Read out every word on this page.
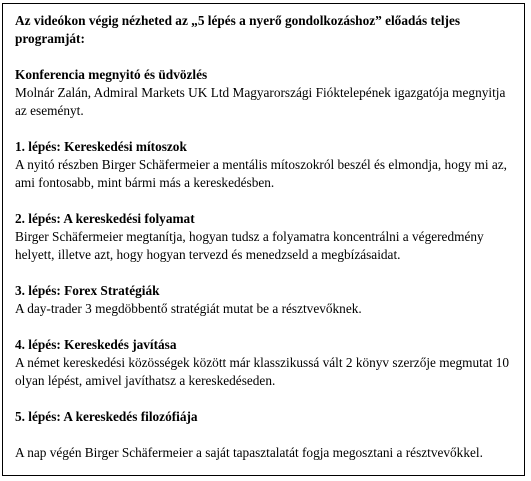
Az videókon végig nézheted az „5 lépés a nyerő gondolkozáshoz” előadás teljes programját:
Konferencia megnyitó és üdvözlés
Molnár Zalán, Admiral Markets UK Ltd Magyarországi Fióktelepének igazgatója megnyitja az eseményt.
1. lépés: Kereskedési mítoszok
A nyitó részben Birger Schäfermeier a mentális mítoszokról beszél és elmondja, hogy mi az, ami fontosabb, mint bármi más a kereskedésben.
2. lépés: A kereskedési folyamat
Birger Schäfermeier megtanítja, hogyan tudsz a folyamatra koncentrálni a végeredmény helyett, illetve azt, hogy hogyan tervezd és menedzseld a megbízásaidat.
3. lépés: Forex Stratégiák
A day-trader 3 megdöbbentő stratégiát mutat be a résztvevőknek.
4. lépés: Kereskedés javítása
A német kereskedési közösségek között már klasszikussá vált 2 könyv szerzője megmutat 10 olyan lépést, amivel javíthatsz a kereskedéseden.
5. lépés: A kereskedés filozófiája
A nap végén Birger Schäfermeier a saját tapasztalatát fogja megosztani a résztvevőkkel.
